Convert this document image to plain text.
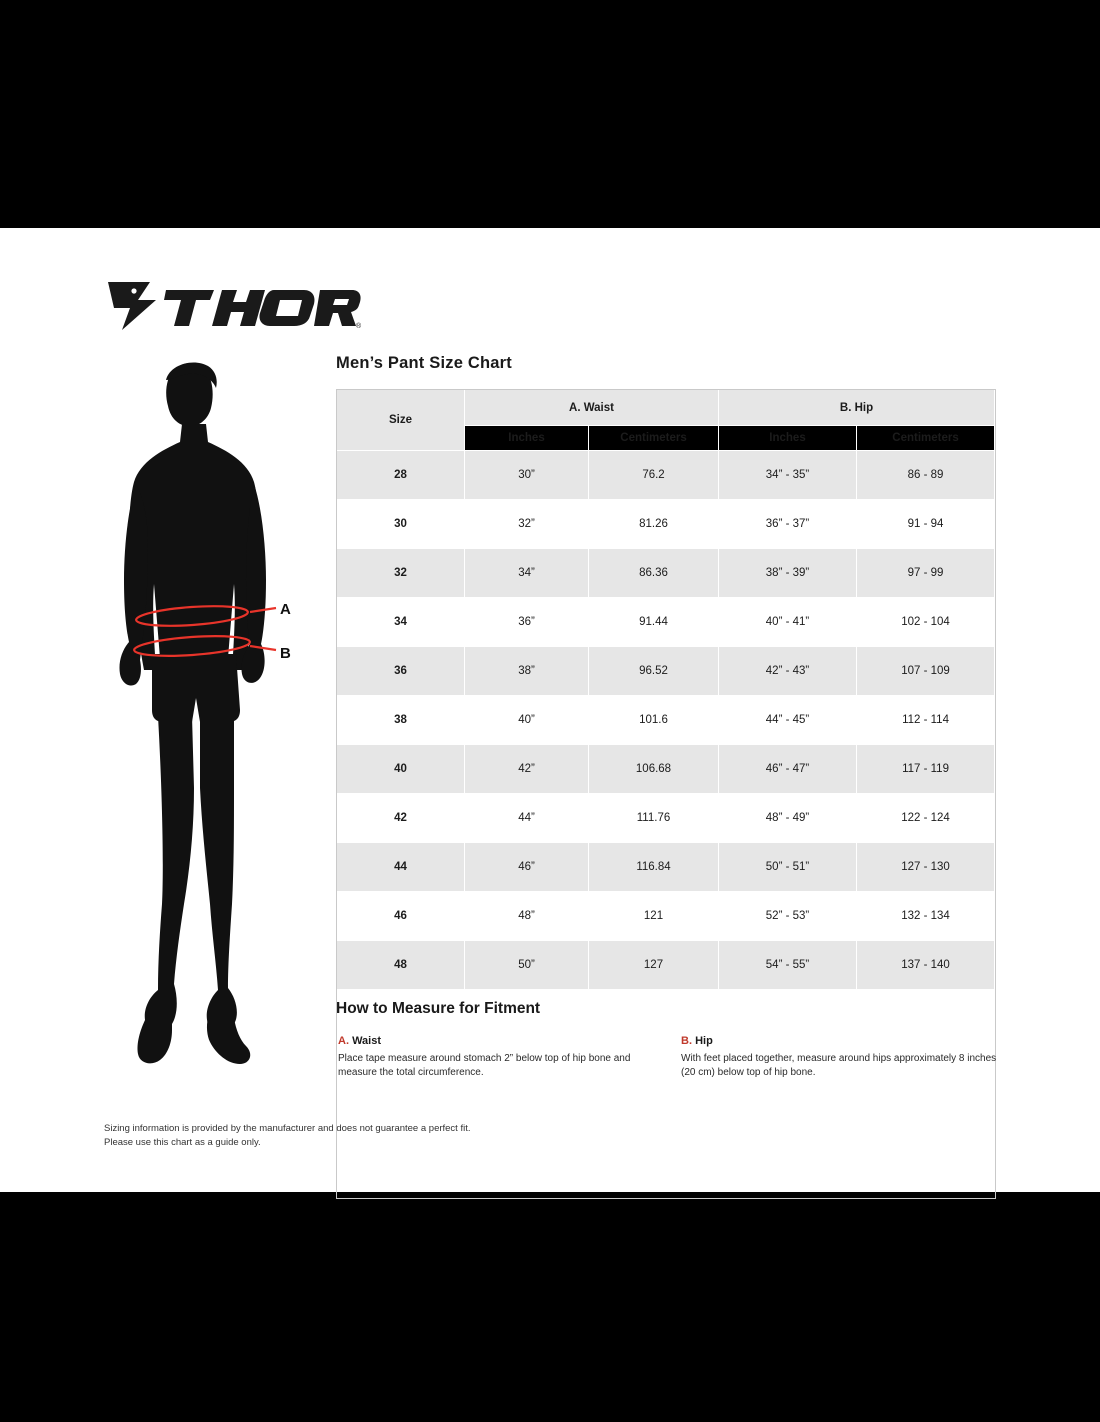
®
A
B
Men’s Pant Size Chart
Size	A. Waist		B. Hip	
	Inches	Centimeters	Inches	Centimeters
28	30”	76.2	34” - 35”	86 - 89
30	32”	81.26	36” - 37”	91 - 94
32	34”	86.36	38” - 39”	97 - 99
34	36”	91.44	40” - 41”	102 - 104
36	38”	96.52	42” - 43”	107 - 109
38	40”	101.6	44” - 45”	112 - 114
40	42”	106.68	46” - 47”	117 - 119
42	44”	111.76	48” - 49”	122 - 124
44	46”	116.84	50” - 51”	127 - 130
46	48”	121	52” - 53”	132 - 134
48	50”	127	54” - 55”	137 - 140
How to Measure for Fitment
A. Waist
Place tape measure around stomach 2” below top of hip bone and measure the total circumference.
B. Hip
With feet placed together, measure around hips approximately 8 inches (20 cm) below top of hip bone.
Sizing information is provided by the manufacturer and does not guarantee a perfect fit.
Please use this chart as a guide only.
